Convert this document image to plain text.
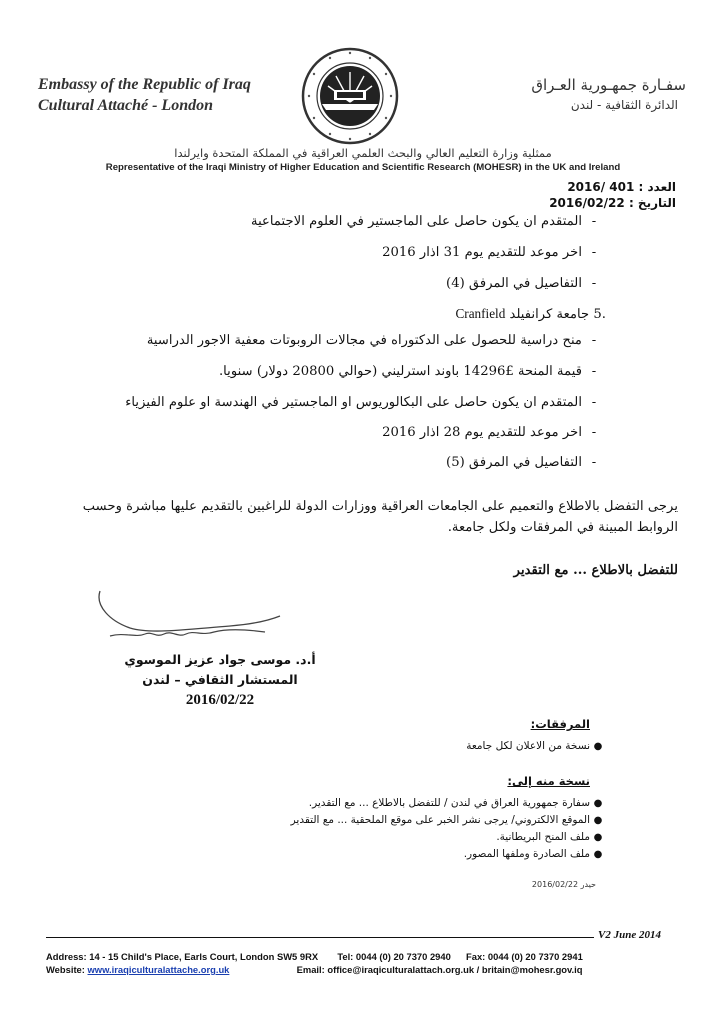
Embassy of the Republic of Iraq
Cultural Attaché - London
سفـارة جمهـورية العـراق
الدائرة الثقافية - لندن
ممثلية وزارة التعليم العالي والبحث العلمي العراقية في المملكة المتحدة وايرلندا
Representative of the Iraqi Ministry of Higher Education and Scientific Research (MOHESR) in the UK and Ireland
العدد : 401 /2016
التاريخ : 2016/02/22
-المتقدم ان يكون حاصل على الماجستير في العلوم الاجتماعية
-اخر موعد للتقديم يوم 31 اذار 2016
-التفاصيل في المرفق (4)
.5 جامعة كرانفيلد Cranfield
-منح دراسية للحصول على الدكتوراه في مجالات الروبوتات معفية الاجور الدراسية
-قيمة المنحة £14296 باوند استرليني (حوالي 20800 دولار) سنويا.
-المتقدم ان يكون حاصل على البكالوريوس او الماجستير في الهندسة او علوم الفيزياء
-اخر موعد للتقديم يوم 28 اذار 2016
-التفاصيل في المرفق (5)
يرجى التفضل بالاطلاع والتعميم على الجامعات العراقية ووزارات الدولة للراغبين بالتقديم عليها مباشرة وحسب الروابط المبينة في المرفقات ولكل جامعة.
للتفضل بالاطلاع ... مع التقدير
أ.د. موسى جواد عزيز الموسوي
المستشار الثقافي – لندن
2016/02/22
المرفقات:
●نسخة من الاعلان لكل جامعة
نسخة منه إلى:
●سفارة جمهورية العراق في لندن / للتفضل بالاطلاع ... مع التقدير.
●الموقع الالكتروني/ يرجى نشر الخبر على موقع الملحقية ... مع التقدير
●ملف المنح البريطانية.
●ملف الصادرة وملفها المصور.
حيدر 2016/02/22
V2 June 2014
Address: 14 - 15 Child's Place, Earls Court, London SW5 9RX Tel: 0044 (0) 20 7370 2940 Fax: 0044 (0) 20 7370 2941
Website: www.iraqiculturalattache.org.uk	Email: office@iraqiculturalattach.org.uk / britain@mohesr.gov.iq
